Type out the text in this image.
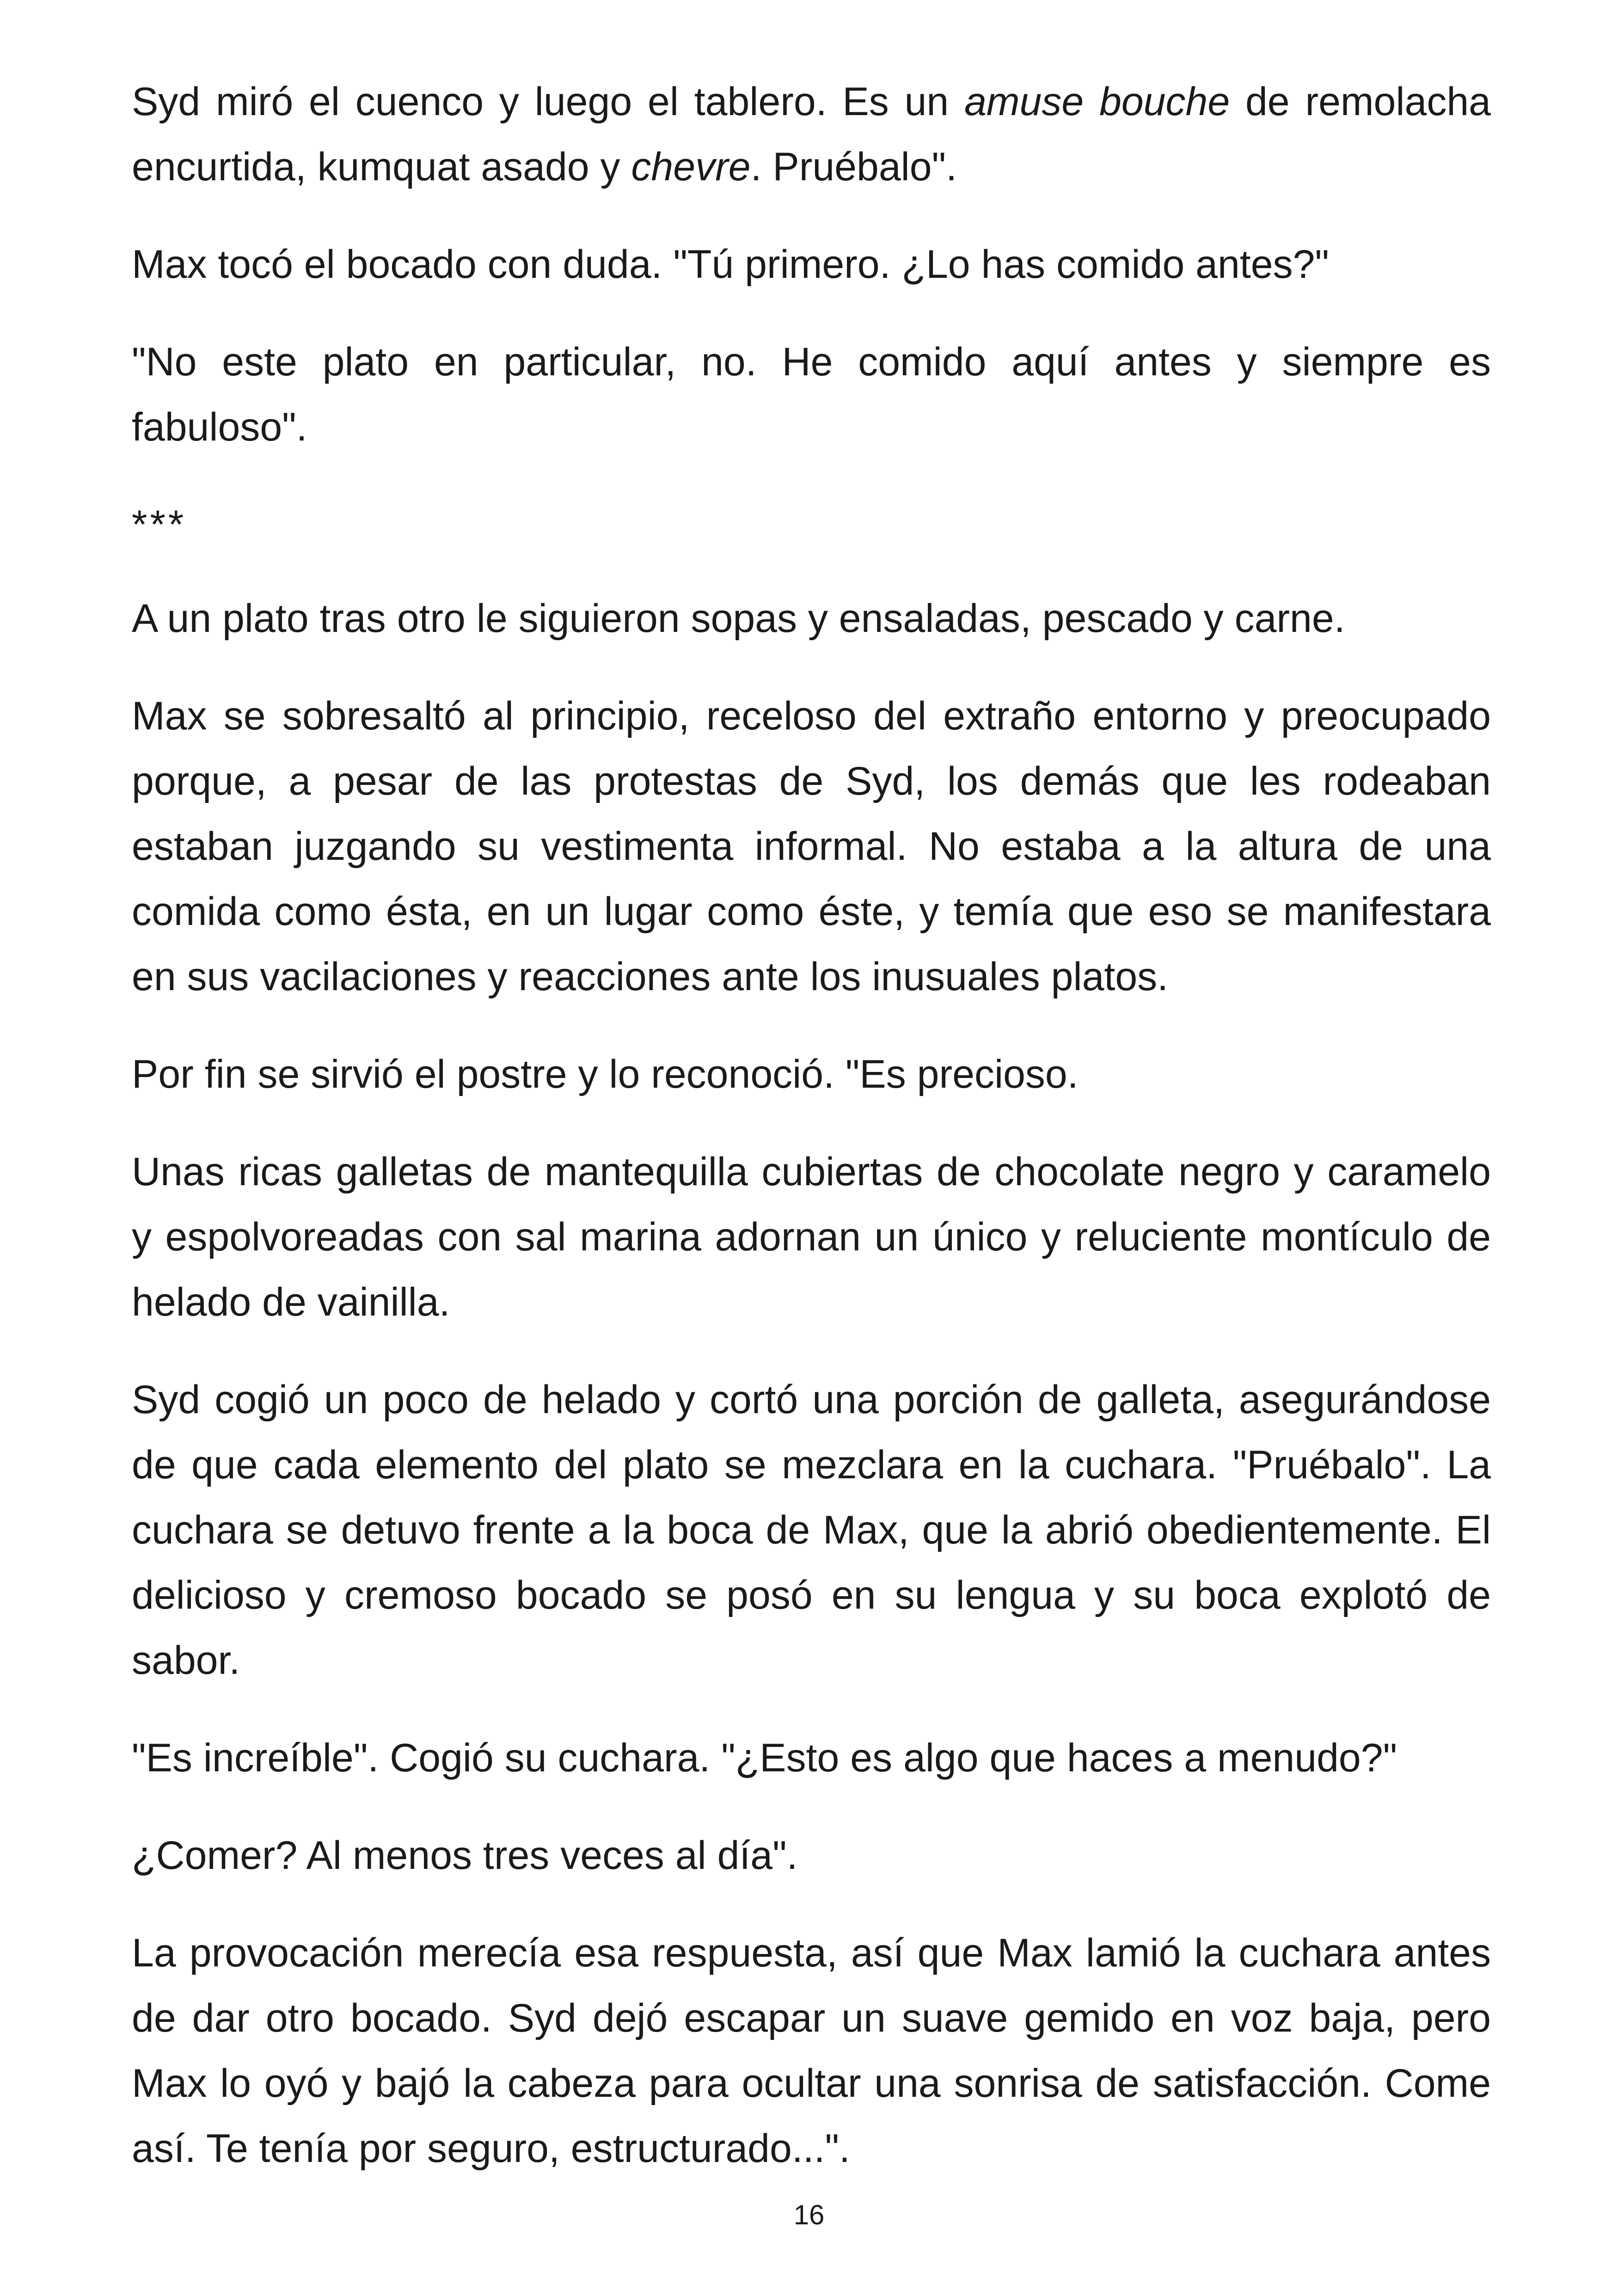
Syd miró el cuenco y luego el tablero. Es un amuse bouche de remolacha encurtida, kumquat asado y chevre. Pruébalo".

Max tocó el bocado con duda. "Tú primero. ¿Lo has comido antes?"

"No este plato en particular, no. He comido aquí antes y siempre es fabuloso".

***

A un plato tras otro le siguieron sopas y ensaladas, pescado y carne.

Max se sobresaltó al principio, receloso del extraño entorno y preocupado porque, a pesar de las protestas de Syd, los demás que les rodeaban estaban juzgando su vestimenta informal. No estaba a la altura de una comida como ésta, en un lugar como éste, y temía que eso se manifestara en sus vacilaciones y reacciones ante los inusuales platos.

Por fin se sirvió el postre y lo reconoció. "Es precioso.

Unas ricas galletas de mantequilla cubiertas de chocolate negro y caramelo y espolvoreadas con sal marina adornan un único y reluciente montículo de helado de vainilla.

Syd cogió un poco de helado y cortó una porción de galleta, asegurándose de que cada elemento del plato se mezclara en la cuchara. "Pruébalo". La cuchara se detuvo frente a la boca de Max, que la abrió obedientemente. El delicioso y cremoso bocado se posó en su lengua y su boca explotó de sabor.

"Es increíble". Cogió su cuchara. "¿Esto es algo que haces a menudo?"

¿Comer? Al menos tres veces al día".

La provocación merecía esa respuesta, así que Max lamió la cuchara antes de dar otro bocado. Syd dejó escapar un suave gemido en voz baja, pero Max lo oyó y bajó la cabeza para ocultar una sonrisa de satisfacción. Come así. Te tenía por seguro, estructurado...".

16
